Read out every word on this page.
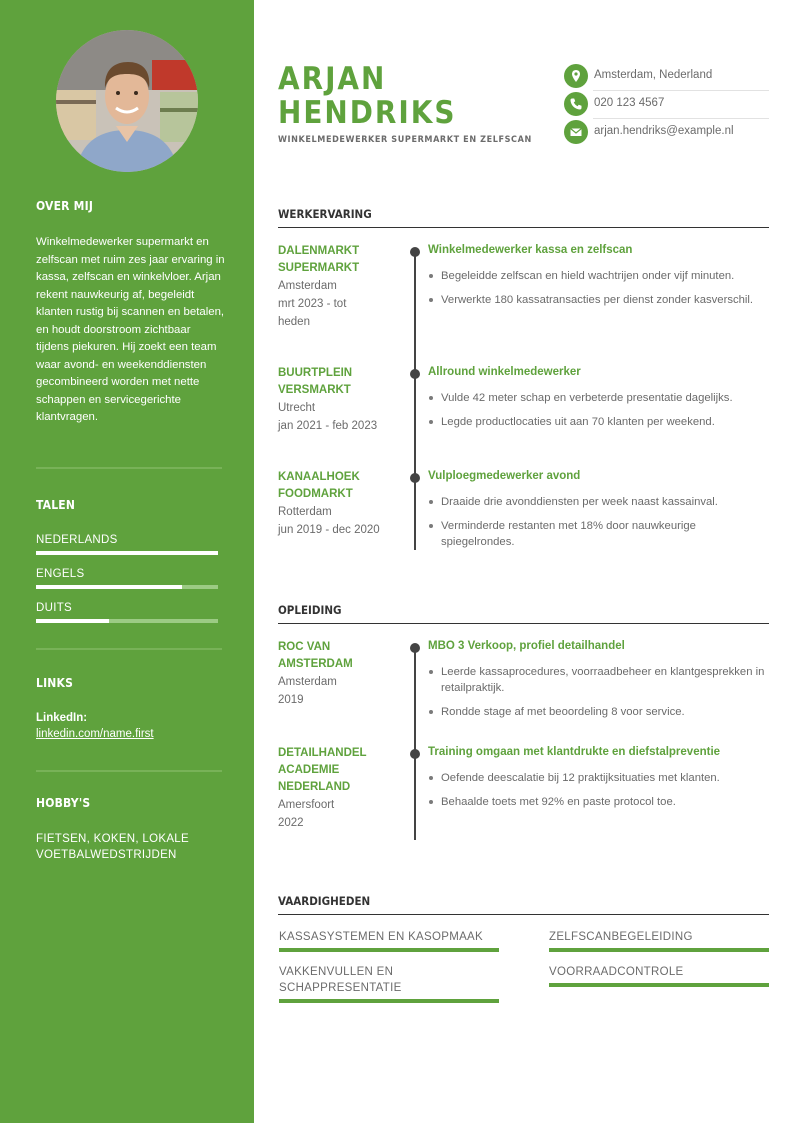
OVER MIJ
Winkelmedewerker supermarkt en zelfscan met ruim zes jaar ervaring in kassa, zelfscan en winkelvloer. Arjan rekent nauwkeurig af, begeleidt klanten rustig bij scannen en betalen, en houdt doorstroom zichtbaar tijdens piekuren. Hij zoekt een team waar avond- en weekenddiensten gecombineerd worden met nette schappen en servicegerichte klantvragen.
TALEN
NEDERLANDS
ENGELS
DUITS
LINKS
LinkedIn:
linkedin.com/name.first
HOBBY'S
FIETSEN, KOKEN, LOKALE VOETBALWEDSTRIJDEN
ARJAN
HENDRIKS
WINKELMEDEWERKER SUPERMARKT EN ZELFSCAN
Amsterdam, Nederland
020 123 4567
arjan.hendriks@example.nl
WERKERVARING
DALENMARKT
SUPERMARKT
Amsterdam
mrt 2023 - tot
heden
Winkelmedewerker kassa en zelfscan
Begeleidde zelfscan en hield wachtrijen onder vijf minuten.
Verwerkte 180 kassatransacties per dienst zonder kasverschil.
BUURTPLEIN
VERSMARKT
Utrecht
jan 2021 - feb 2023
Allround winkelmedewerker
Vulde 42 meter schap en verbeterde presentatie dagelijks.
Legde productlocaties uit aan 70 klanten per weekend.
KANAALHOEK
FOODMARKT
Rotterdam
jun 2019 - dec 2020
Vulploegmedewerker avond
Draaide drie avonddiensten per week naast kassainval.
Verminderde restanten met 18% door nauwkeurige spiegelrondes.
OPLEIDING
ROC VAN
AMSTERDAM
Amsterdam
2019
MBO 3 Verkoop, profiel detailhandel
Leerde kassaprocedures, voorraadbeheer en klantgesprekken in retailpraktijk.
Rondde stage af met beoordeling 8 voor service.
DETAILHANDEL
ACADEMIE
NEDERLAND
Amersfoort
2022
Training omgaan met klantdrukte en diefstalpreventie
Oefende deescalatie bij 12 praktijksituaties met klanten.
Behaalde toets met 92% en paste protocol toe.
VAARDIGHEDEN
KASSASYSTEMEN EN KASOPMAAK	ZELFSCANBEGELEIDING
VAKKENVULLEN EN SCHAPPRESENTATIE
VOORRAADCONTROLE
